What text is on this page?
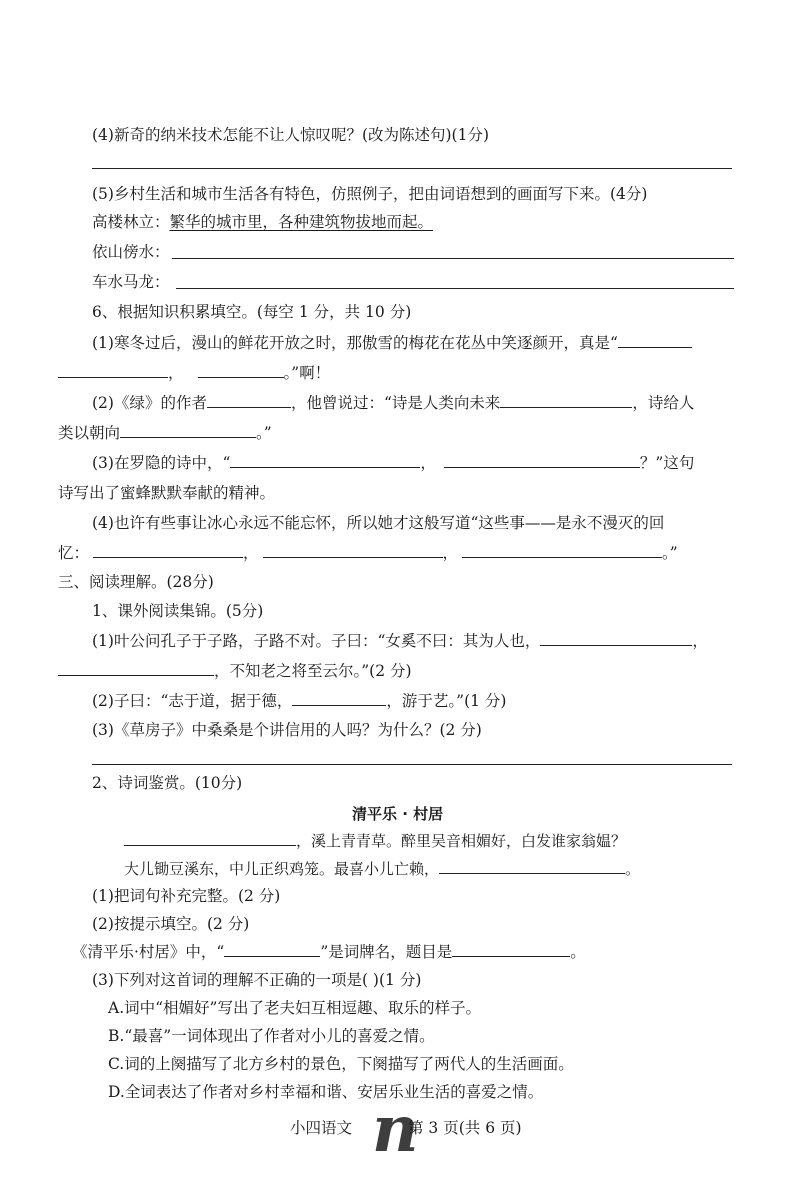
(4)新奇的纳米技术怎能不让人惊叹呢？(改为陈述句)(1分)
(5)乡村生活和城市生活各有特色，仿照例子，把由词语想到的画面写下来。(4分)
高楼林立：繁华的城市里，各种建筑物拔地而起。
依山傍水：
车水马龙：
6、根据知识积累填空。(每空 1 分，共 10 分)
(1)寒冬过后，漫山的鲜花开放之时，那傲雪的梅花在花丛中笑逐颜开，真是“
，	。”啊！
(2)《绿》的作者	，他曾说过：“诗是人类向未来	，诗给人
类以朝向	。”
(3)在罗隐的诗中，“	，	？”这句
诗写出了蜜蜂默默奉献的精神。
(4)也许有些事让冰心永远不能忘怀，所以她才这般写道“这些事——是永不漫灭的回
忆：	，	，	。”
三、阅读理解。(28分)
1、课外阅读集锦。(5分)
(1)叶公问孔子于子路，子路不对。子曰：“女奚不曰：其为人也，	，
，不知老之将至云尔。”(2 分)
(2)子曰：“志于道，据于德，	，游于艺。”(1 分)
(3)《草房子》中桑桑是个讲信用的人吗？为什么？(2 分)
2、诗词鉴赏。(10分)
清平乐 · 村居
，溪上青青草。醉里吴音相媚好，白发谁家翁媪？
大儿锄豆溪东，中儿正织鸡笼。最喜小儿亡赖，	。
(1)把词句补充完整。(2 分)
(2)按提示填空。(2 分)
《清平乐·村居》中，“	”是词牌名，题目是	。
(3)下列对这首词的理解不正确的一项是( )(1 分)
A.词中“相媚好”写出了老夫妇互相逗趣、取乐的样子。
B.“最喜”一词体现出了作者对小儿的喜爱之情。
C.词的上阕描写了北方乡村的景色，下阕描写了两代人的生活画面。
D.全词表达了作者对乡村幸福和谐、安居乐业生活的喜爱之情。
小四语文 n
第 3 页(共 6 页)
